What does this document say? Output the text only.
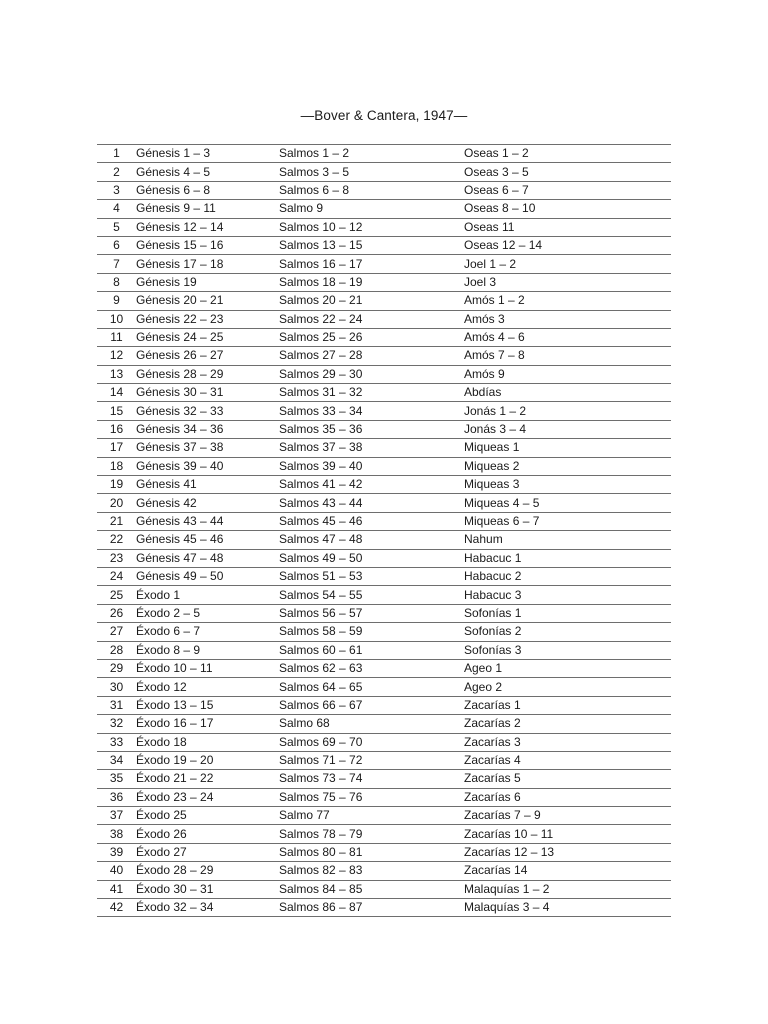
—Bover & Cantera, 1947—
1	Génesis 1 – 3	Salmos 1 – 2	Oseas 1 – 2
2	Génesis 4 – 5	Salmos 3 – 5	Oseas 3 – 5
3	Génesis 6 – 8	Salmos 6 – 8	Oseas 6 – 7
4	Génesis 9 – 11	Salmo 9	Oseas 8 – 10
5	Génesis 12 – 14	Salmos 10 – 12	Oseas 11
6	Génesis 15 – 16	Salmos 13 – 15	Oseas 12 – 14
7	Génesis 17 – 18	Salmos 16 – 17	Joel 1 – 2
8	Génesis 19	Salmos 18 – 19	Joel 3
9	Génesis 20 – 21	Salmos 20 – 21	Amós 1 – 2
10	Génesis 22 – 23	Salmos 22 – 24	Amós 3
11	Génesis 24 – 25	Salmos 25 – 26	Amós 4 – 6
12	Génesis 26 – 27	Salmos 27 – 28	Amós 7 – 8
13	Génesis 28 – 29	Salmos 29 – 30	Amós 9
14	Génesis 30 – 31	Salmos 31 – 32	Abdías
15	Génesis 32 – 33	Salmos 33 – 34	Jonás 1 – 2
16	Génesis 34 – 36	Salmos 35 – 36	Jonás 3 – 4
17	Génesis 37 – 38	Salmos 37 – 38	Miqueas 1
18	Génesis 39 – 40	Salmos 39 – 40	Miqueas 2
19	Génesis 41	Salmos 41 – 42	Miqueas 3
20	Génesis 42	Salmos 43 – 44	Miqueas 4 – 5
21	Génesis 43 – 44	Salmos 45 – 46	Miqueas 6 – 7
22	Génesis 45 – 46	Salmos 47 – 48	Nahum
23	Génesis 47 – 48	Salmos 49 – 50	Habacuc 1
24	Génesis 49 – 50	Salmos 51 – 53	Habacuc 2
25	Éxodo 1	Salmos 54 – 55	Habacuc 3
26	Éxodo 2 – 5	Salmos 56 – 57	Sofonías 1
27	Éxodo 6 – 7	Salmos 58 – 59	Sofonías 2
28	Éxodo 8 – 9	Salmos 60 – 61	Sofonías 3
29	Éxodo 10 – 11	Salmos 62 – 63	Ageo 1
30	Éxodo 12	Salmos 64 – 65	Ageo 2
31	Éxodo 13 – 15	Salmos 66 – 67	Zacarías 1
32	Éxodo 16 – 17	Salmo 68	Zacarías 2
33	Éxodo 18	Salmos 69 – 70	Zacarías 3
34	Éxodo 19 – 20	Salmos 71 – 72	Zacarías 4
35	Éxodo 21 – 22	Salmos 73 – 74	Zacarías 5
36	Éxodo 23 – 24	Salmos 75 – 76	Zacarías 6
37	Éxodo 25	Salmo 77	Zacarías 7 – 9
38	Éxodo 26	Salmos 78 – 79	Zacarías 10 – 11
39	Éxodo 27	Salmos 80 – 81	Zacarías 12 – 13
40	Éxodo 28 – 29	Salmos 82 – 83	Zacarías 14
41	Éxodo 30 – 31	Salmos 84 – 85	Malaquías 1 – 2
42	Éxodo 32 – 34	Salmos 86 – 87	Malaquías 3 – 4
